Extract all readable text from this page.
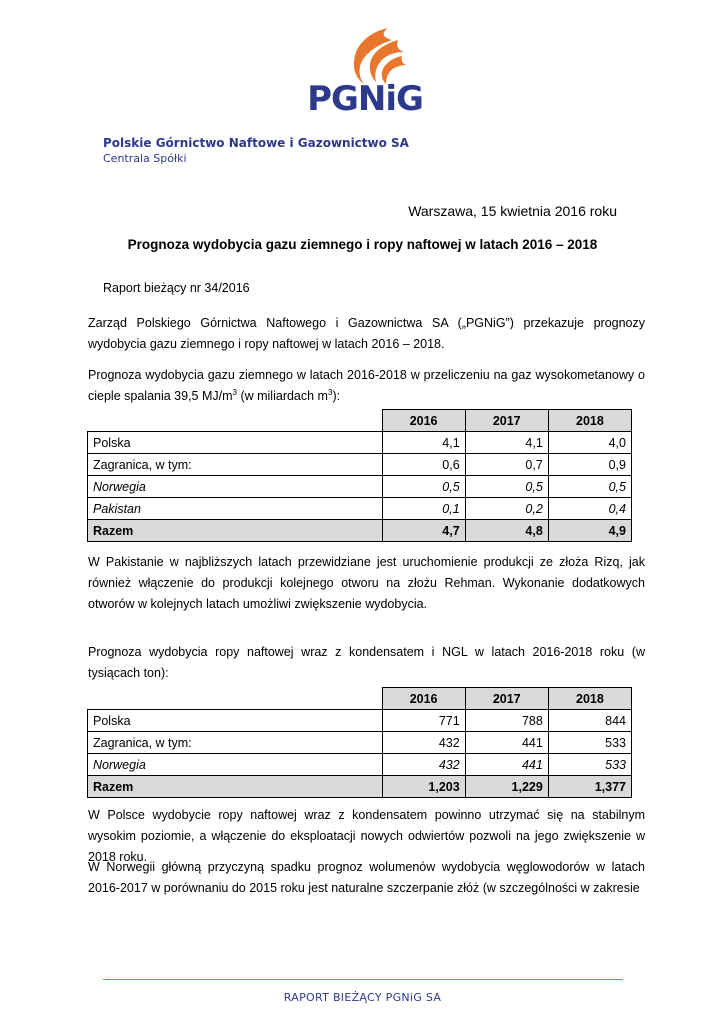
PGNiG
Polskie Górnictwo Naftowe i Gazownictwo SA
Centrala Spółki
Warszawa, 15 kwietnia 2016 roku
Prognoza wydobycia gazu ziemnego i ropy naftowej w latach 2016 – 2018
Raport bieżący nr 34/2016
Zarząd Polskiego Górnictwa Naftowego i Gazownictwa SA („PGNiG”) przekazuje prognozy wydobycia gazu ziemnego i ropy naftowej w latach 2016 – 2018.
Prognoza wydobycia gazu ziemnego w latach 2016-2018 w przeliczeniu na gaz wysokometanowy o cieple spalania 39,5 $MJ/m^3$ (w miliardach $m^3$):
	2016	2017	2018
Polska	4,1	4,1	4,0
Zagranica, w tym:	0,6	0,7	0,9
Norwegia	0,5	0,5	0,5
Pakistan	0,1	0,2	0,4
Razem	4,7	4,8	4,9
W Pakistanie w najbliższych latach przewidziane jest uruchomienie produkcji ze złoża Rizq, jak również włączenie do produkcji kolejnego otworu na złożu Rehman. Wykonanie dodatkowych otworów w kolejnych latach umożliwi zwiększenie wydobycia.
Prognoza wydobycia ropy naftowej wraz z kondensatem i NGL w latach 2016-2018 roku (w tysiącach ton):
	2016	2017	2018
Polska	771	788	844
Zagranica, w tym:	432	441	533
Norwegia	432	441	533
Razem	1,203	1,229	1,377
W Polsce wydobycie ropy naftowej wraz z kondensatem powinno utrzymać się na stabilnym wysokim poziomie, a włączenie do eksploatacji nowych odwiertów pozwoli na jego zwiększenie w 2018 roku.
W Norwegii główną przyczyną spadku prognoz wolumenów wydobycia węglowodorów w latach 2016-2017 w porównaniu do 2015 roku jest naturalne szczerpanie złóż (w szczególności w zakresie
RAPORT BIEŻĄCY PGNiG SA
